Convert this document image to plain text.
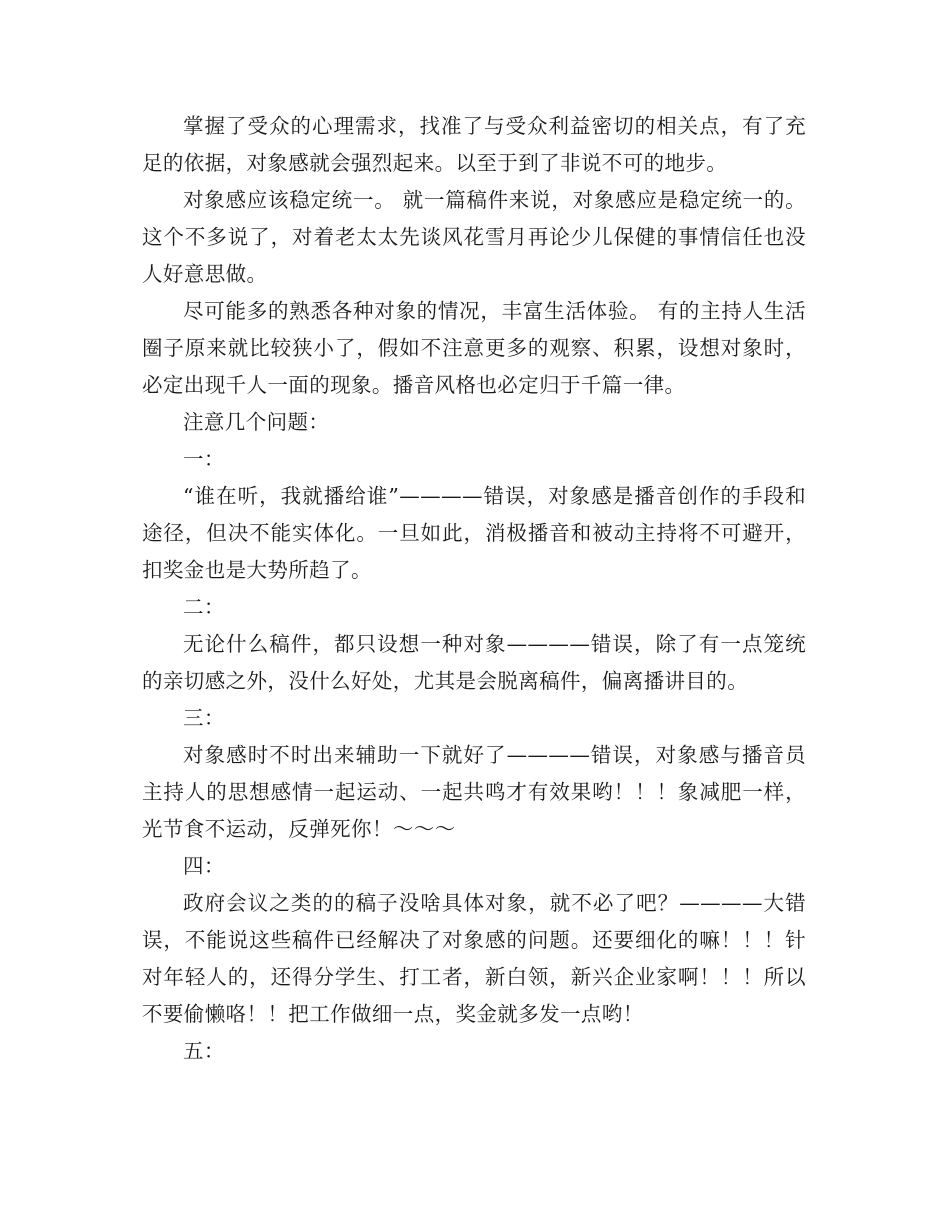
掌握了受众的心理需求，找准了与受众利益密切的相关点，有了充足的依据，对象感就会强烈起来。以至于到了非说不可的地步。

对象感应该稳定统一。 就一篇稿件来说，对象感应是稳定统一的。这个不多说了，对着老太太先谈风花雪月再论少儿保健的事情信任也没人好意思做。

尽可能多的熟悉各种对象的情况，丰富生活体验。 有的主持人生活圈子原来就比较狭小了，假如不注意更多的观察、积累，设想对象时，必定出现千人一面的现象。播音风格也必定归于千篇一律。

注意几个问题：

一：

“谁在听，我就播给谁”————错误，对象感是播音创作的手段和途径，但决不能实体化。一旦如此，消极播音和被动主持将不可避开，扣奖金也是大势所趋了。

二：

无论什么稿件，都只设想一种对象————错误，除了有一点笼统的亲切感之外，没什么好处，尤其是会脱离稿件，偏离播讲目的。

三：

对象感时不时出来辅助一下就好了————错误，对象感与播音员主持人的思想感情一起运动、一起共鸣才有效果哟！！！象减肥一样，光节食不运动，反弹死你！～～～

四：

政府会议之类的的稿子没啥具体对象，就不必了吧？————大错误，不能说这些稿件已经解决了对象感的问题。还要细化的嘛！！！针对年轻人的，还得分学生、打工者，新白领，新兴企业家啊！！！所以不要偷懒咯！！把工作做细一点，奖金就多发一点哟！

五：
